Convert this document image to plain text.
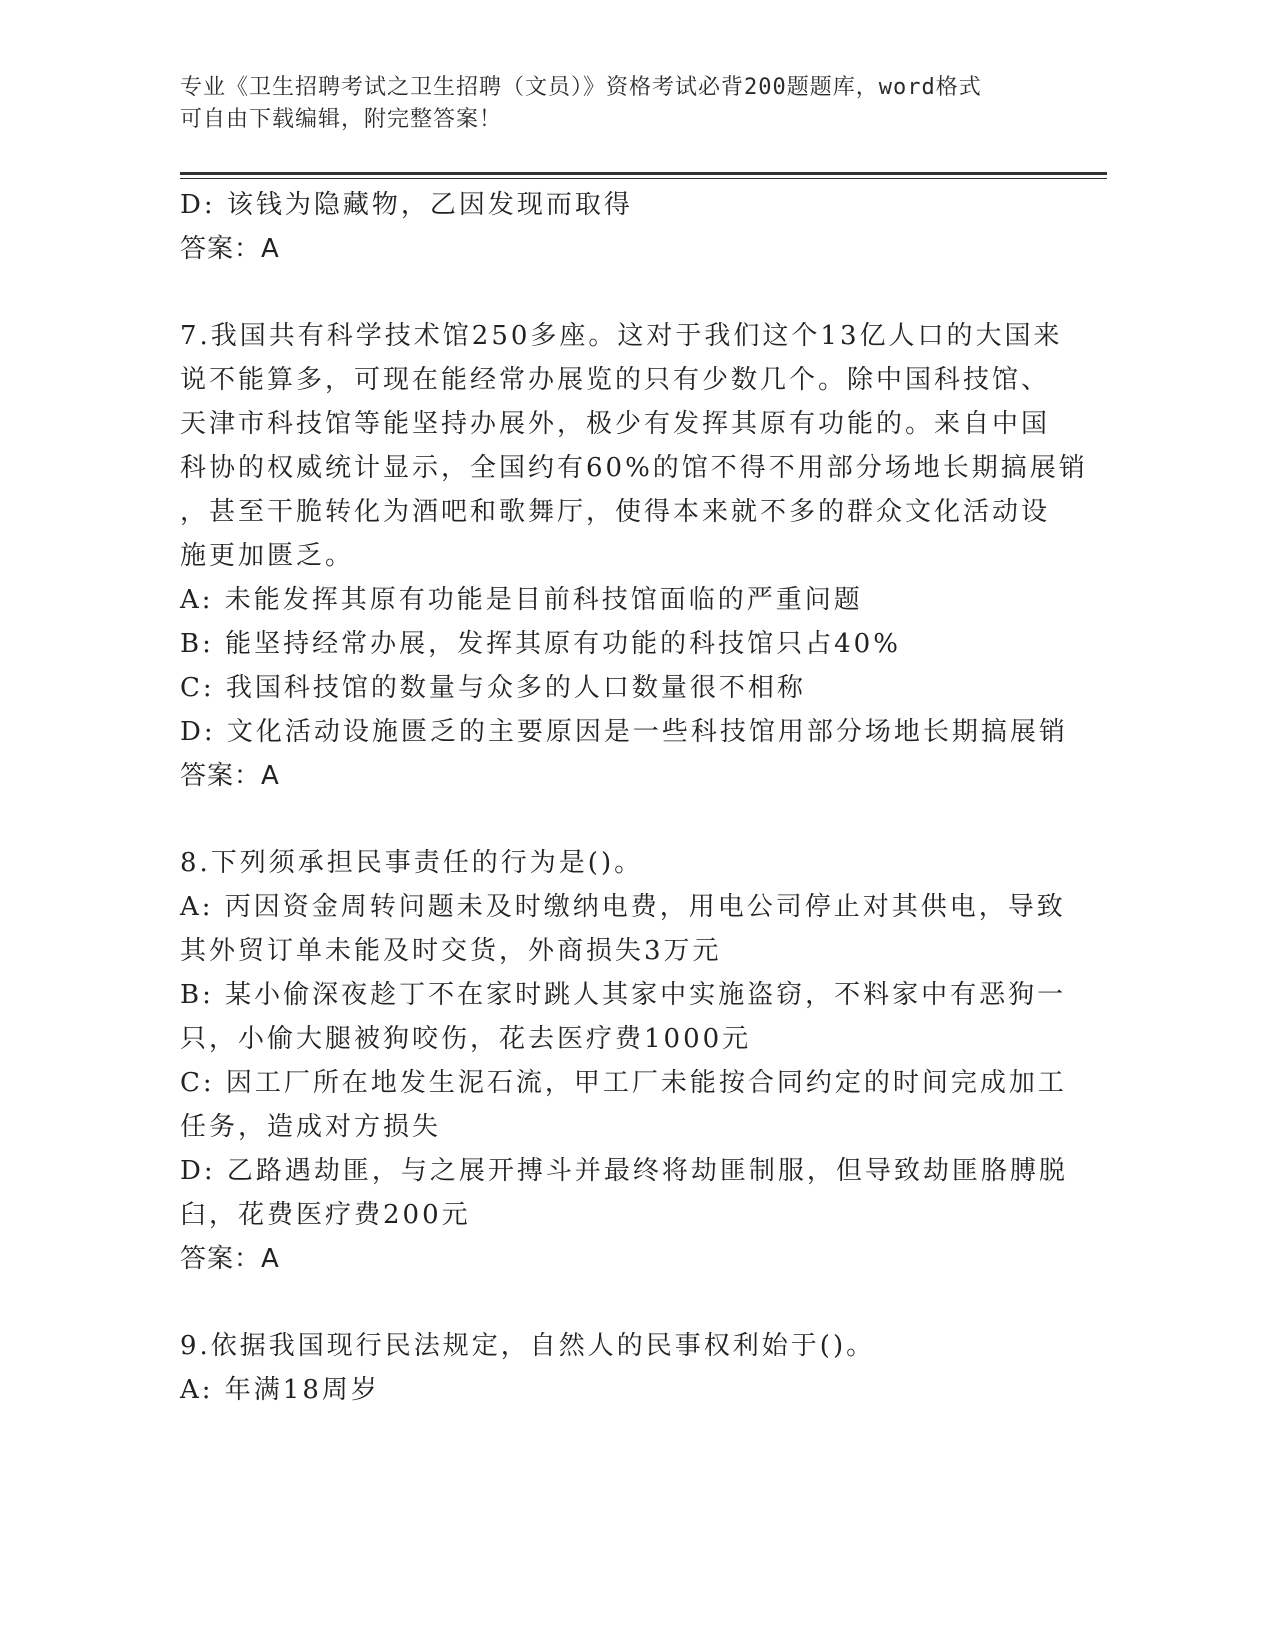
专业《卫生招聘考试之卫生招聘（文员）》资格考试必背200题题库，word格式
可自由下载编辑，附完整答案！
D: 该钱为隐藏物，乙因发现而取得
答案：A
7.我国共有科学技术馆250多座。这对于我们这个13亿人口的大国来
说不能算多，可现在能经常办展览的只有少数几个。除中国科技馆、
天津市科技馆等能坚持办展外，极少有发挥其原有功能的。来自中国
科协的权威统计显示，全国约有60%的馆不得不用部分场地长期搞展销
，甚至干脆转化为酒吧和歌舞厅，使得本来就不多的群众文化活动设
施更加匮乏。
A: 未能发挥其原有功能是目前科技馆面临的严重问题
B: 能坚持经常办展，发挥其原有功能的科技馆只占40%
C: 我国科技馆的数量与众多的人口数量很不相称
D: 文化活动设施匮乏的主要原因是一些科技馆用部分场地长期搞展销
答案：A
8.下列须承担民事责任的行为是()。
A: 丙因资金周转问题未及时缴纳电费，用电公司停止对其供电，导致
其外贸订单未能及时交货，外商损失3万元
B: 某小偷深夜趁丁不在家时跳人其家中实施盗窃，不料家中有恶狗一
只，小偷大腿被狗咬伤，花去医疗费1000元
C: 因工厂所在地发生泥石流，甲工厂未能按合同约定的时间完成加工
任务，造成对方损失
D: 乙路遇劫匪，与之展开搏斗并最终将劫匪制服，但导致劫匪胳膊脱
臼，花费医疗费200元
答案：A
9.依据我国现行民法规定，自然人的民事权利始于()。
A: 年满18周岁
